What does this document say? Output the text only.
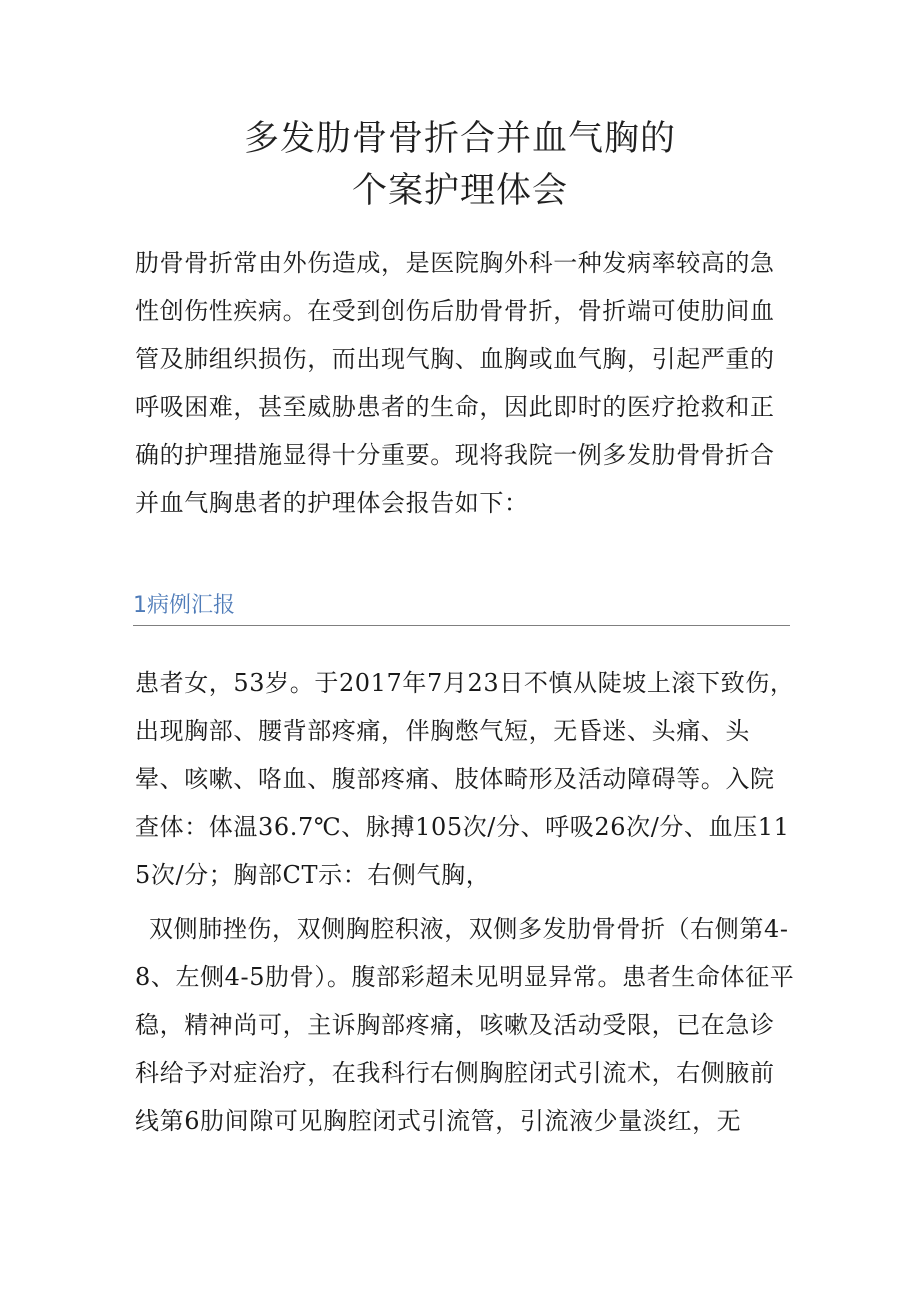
多发肋骨骨折合并血气胸的
个案护理体会
肋骨骨折常由外伤造成，是医院胸外科一种发病率较高的急性创伤性疾病。在受到创伤后肋骨骨折，骨折端可使肋间血管及肺组织损伤，而出现气胸、血胸或血气胸，引起严重的呼吸困难，甚至威胁患者的生命，因此即时的医疗抢救和正确的护理措施显得十分重要。现将我院一例多发肋骨骨折合并血气胸患者的护理体会报告如下：
1病例汇报
患者女，53岁。于2017年7月23日不慎从陡坡上滚下致伤，出现胸部、腰背部疼痛，伴胸憋气短，无昏迷、头痛、头晕、咳嗽、咯血、腹部疼痛、肢体畸形及活动障碍等。入院查体：体温36.7℃、脉搏105次/分、呼吸26次/分、血压115次/分；胸部CT示：右侧气胸，
双侧肺挫伤，双侧胸腔积液，双侧多发肋骨骨折（右侧第4-8、左侧4-5肋骨）。腹部彩超未见明显异常。患者生命体征平稳，精神尚可，主诉胸部疼痛，咳嗽及活动受限，已在急诊科给予对症治疗，在我科行右侧胸腔闭式引流术，右侧腋前线第6肋间隙可见胸腔闭式引流管，引流液少量淡红，无
